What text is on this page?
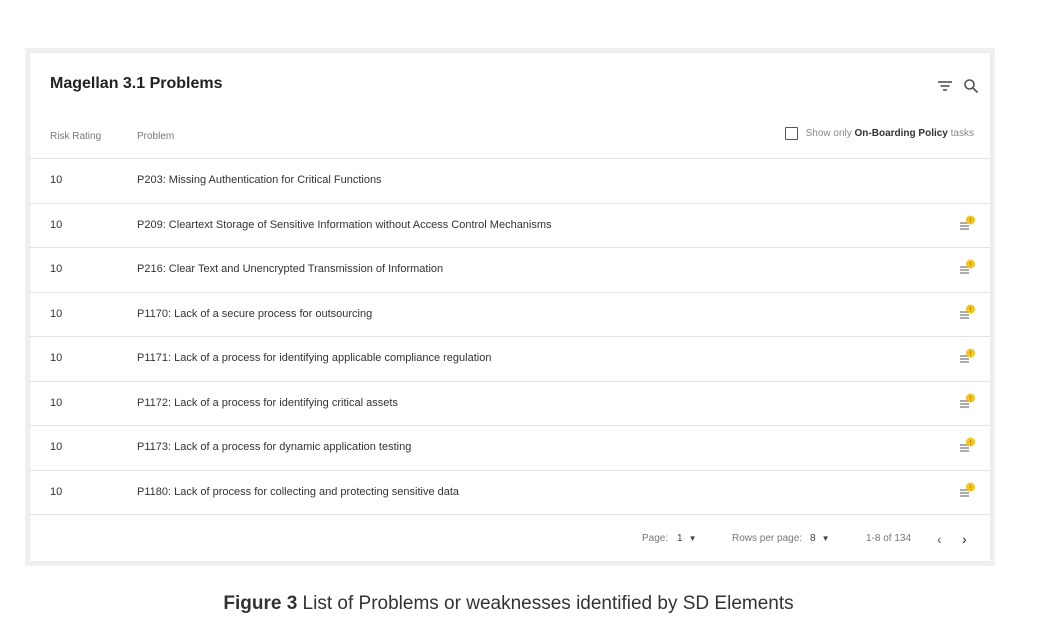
Magellan 3.1 Problems
Risk Rating	Problem	Show only On-Boarding Policy tasks
10	P203: Missing Authentication for Critical Functions
10	P209: Cleartext Storage of Sensitive Information without Access Control Mechanisms	!
10	P216: Clear Text and Unencrypted Transmission of Information	!
10	P1170: Lack of a secure process for outsourcing	!
10	P1171: Lack of a process for identifying applicable compliance regulation	!
10	P1172: Lack of a process for identifying critical assets	!
10	P1173: Lack of a process for dynamic application testing	!
10	P1180: Lack of process for collecting and protecting sensitive data	!
Page: 1 ▼	Rows per page: 8 ▼	1-8 of 134 ‹ ›
Figure 3 List of Problems or weaknesses identified by SD Elements
